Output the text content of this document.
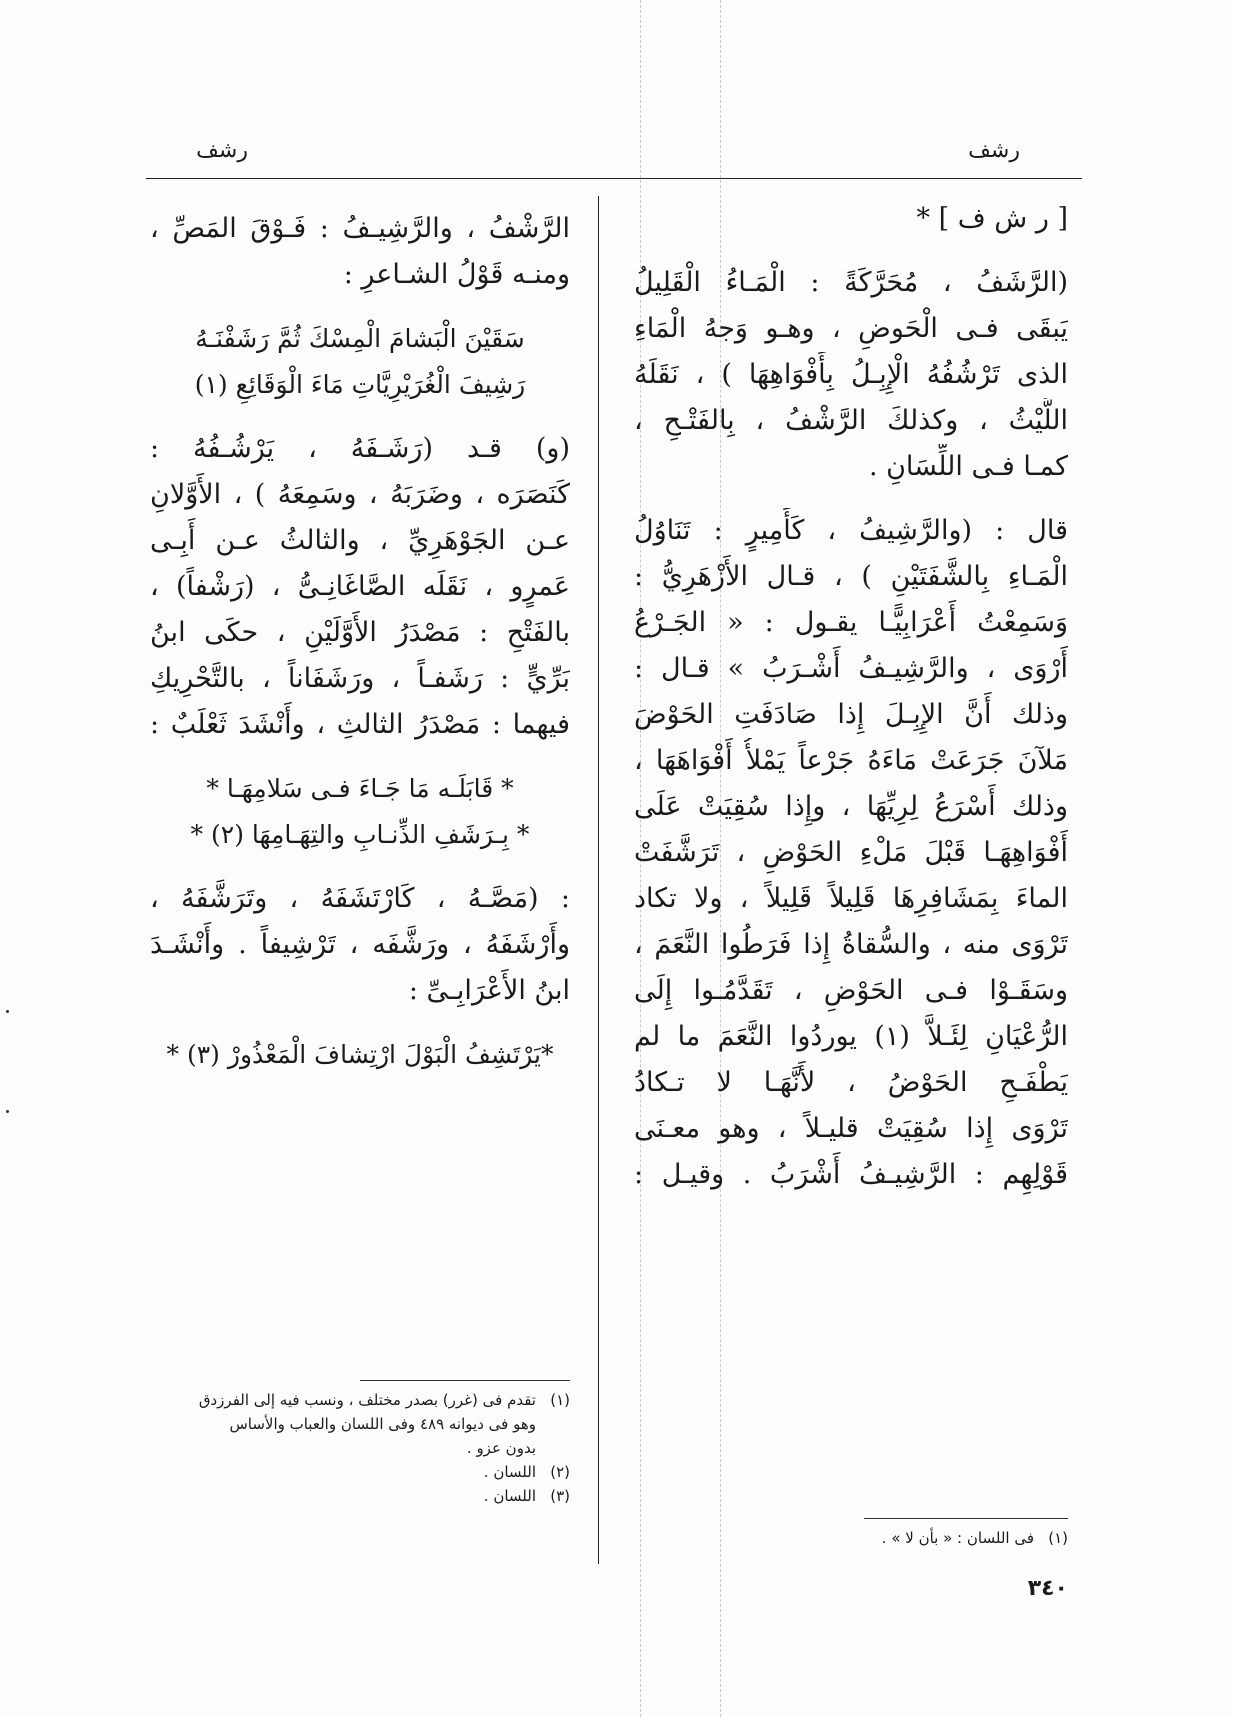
رشف
رشف
[ ر ش ف ] *
(الرَّشَفُ ، مُحَرَّكَةً : الْمَـاءُ الْقَلِيلُ
يَبقَى فـى الْحَوضِ ، وهـو وَجهُ الْمَاءِ
الذى تَرْشُفُهُ الْإِبِـلُ بِأَفْوَاهِهَا ) ، نَقَلَهُ
اللَّيْثُ ، وكذلكَ الرَّشْفُ ، بِالفَتْـحِ ،
كمـا فـى اللِّسَانِ .
قال : (والرَّشِيفُ ، كَأَمِيرٍ : تَنَاوُلُ
الْمَـاءِ بِالشَّفَتَيْنِ ) ، قـال الأَزْهَرِيُّ :
وَسَمِعْتُ أَعْرَابِيًّـا يقـول : « الجَـرْعُ
أَرْوَى ، والرَّشِيـفُ أَشْـرَبُ » قـال :
وذلك أَنَّ الإِبِـلَ إِذا صَادَفَتِ الحَوْضَ
مَلآنَ جَرَعَتْ مَاءَهُ جَرْعاً يَمْلأُ أَفْوَاهَهَا ،
وذلك أَسْرَعُ لِرِيِّهَا ، وإِذا سُقِيَتْ عَلَى
أَفْوَاهِهَـا قَبْلَ مَلْءِ الحَوْضِ ، تَرَشَّفَتْ
الماءَ بِمَشَافِرِهَا قَلِيلاً قَلِيلاً ، ولا تكاد
تَرْوَى منه ، والسُّقاةُ إِذا فَرَطُوا النَّعَمَ ،
وسَقَـوْا فـى الحَوْضِ ، تَقَدَّمُـوا إِلَى
الرُّعْيَانِ لِئَـلاَّ (١) يوردُوا النَّعَمَ ما لم
يَطْفَـحِ الحَوْضُ ، لأَنَّهَـا لا تـكادُ
تَرْوَى إِذا سُقِيَتْ قليـلاً ، وهو معـنَى
قَوْلِهِم : الرَّشِيـفُ أَشْرَبُ . وقيـل :
الرَّشْفُ ، والرَّشِيـفُ : فَـوْقَ المَصِّ ،
ومنـه قَوْلُ الشـاعرِ :
سَقَيْنَ الْبَشامَ الْمِسْكَ ثُمَّ رَشَفْنَـهُ
رَشِيفَ الْغُرَيْرِيَّاتِ مَاءَ الْوَقَائِعِ (١)
(و) قـد (رَشَـفَهُ ، يَرْشُـفُهُ :
كَنَصَرَه ، وضَرَبَهُ ، وسَمِعَهُ ) ، الأَوَّلانِ
عـن الجَوْهَرِيِّ ، والثالثُ عـن أَبِـى
عَمرٍو ، نَقَلَه الصَّاغَانِـىُّ ، (رَشْفاً) ،
بالفَتْحِ : مَصْدَرُ الأَوَّلَيْنِ ، حكَى ابنُ
بَرِّيٍّ : رَشَفـاً ، ورَشَفَاناً ، بالتَّحْرِيكِ
فيهما : مَصْدَرُ الثالثِ ، وأَنْشَدَ ثَعْلَبٌ :
* قَابَلَـه مَا جَـاءَ فـى سَلامِهَـا *
* بِـرَشَفِ الذِّنـابِ والتِهَـامِهَا (٢) *
: (مَصَّـهُ ، كَارْتَشَفَهُ ، وتَرَشَّفَهُ ،
وأَرْشَفَهُ ، ورَشَّفَه ، تَرْشِيفاً . وأَنْشَـدَ
ابنُ الأَعْرَابِـىِّ :
*يَرْتَشِفُ الْبَوْلَ ارْتِشافَ الْمَعْذُورْ (٣) *
(١)فى اللسان : « بأن لا » .
(١)تقدم فى (غرر) بصدر مختلف ، ونسب فيه إلى الفرزدق
وهو فى ديوانه ٤٨٩ وفى اللسان والعباب والأساس
بدون عزو .
(٢)اللسان .
(٣)اللسان .
٣٤٠
